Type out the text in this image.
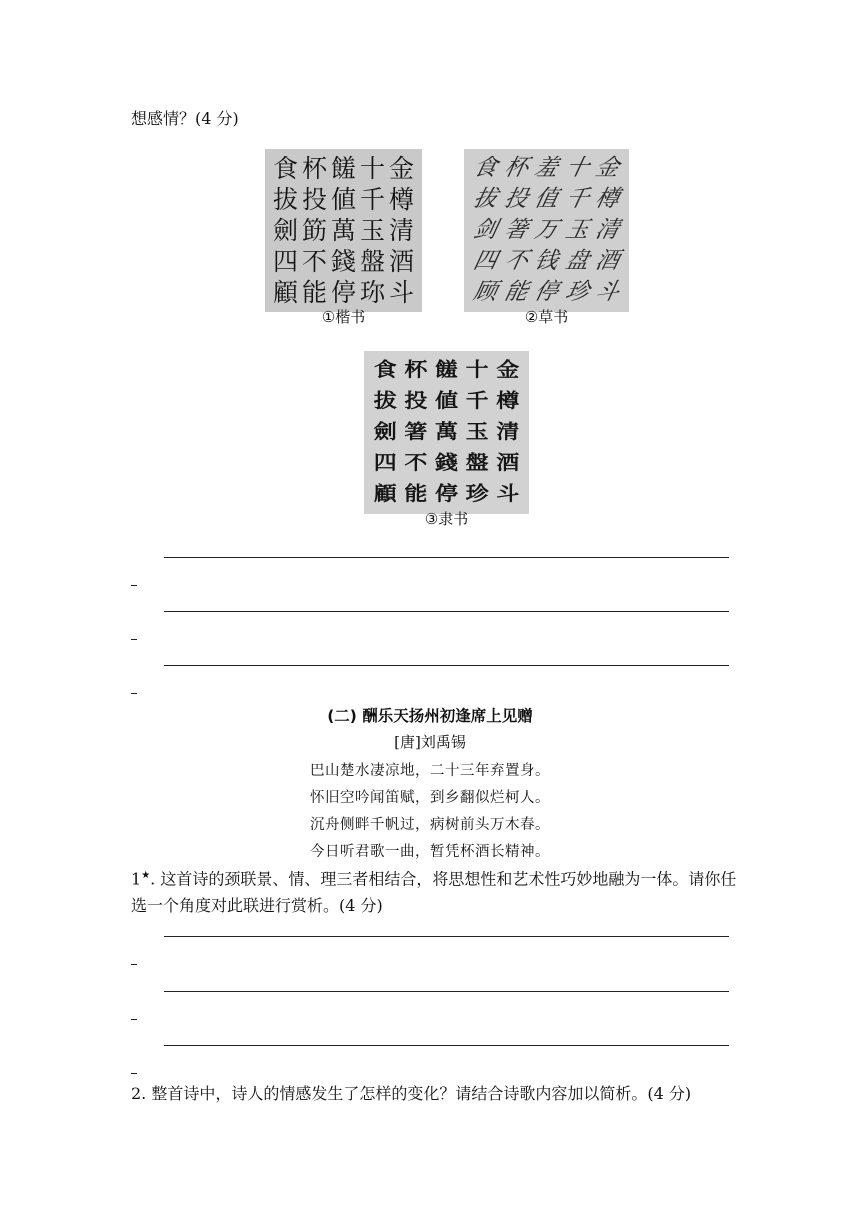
想感情？(4 分)
金
樽
清
酒
斗
十
千
玉
盤
珎
饈
値
萬
錢
停
杯
投
筯
不
能
食
拔
劍
四
顧
①楷书
金
樽
清
酒
斗
十
千
玉
盘
珍
羞
值
万
钱
停
杯
投
箸
不
能
食
拔
剑
四
顾
②草书
金
樽
清
酒
斗
十
千
玉
盤
珍
饈
値
萬
錢
停
杯
投
箸
不
能
食
拔
劍
四
顧
③隶书
(二) 酬乐天扬州初逢席上见赠
[唐]刘禹锡
巴山楚水凄凉地，二十三年弃置身。
怀旧空吟闻笛赋，到乡翻似烂柯人。
沉舟侧畔千帆过，病树前头万木春。
今日听君歌一曲，暂凭杯酒长精神。
1★. 这首诗的颈联景、情、理三者相结合，将思想性和艺术性巧妙地融为一体。请你任选一个角度对此联进行赏析。(4 分)
2. 整首诗中，诗人的情感发生了怎样的变化？请结合诗歌内容加以简析。(4 分)
